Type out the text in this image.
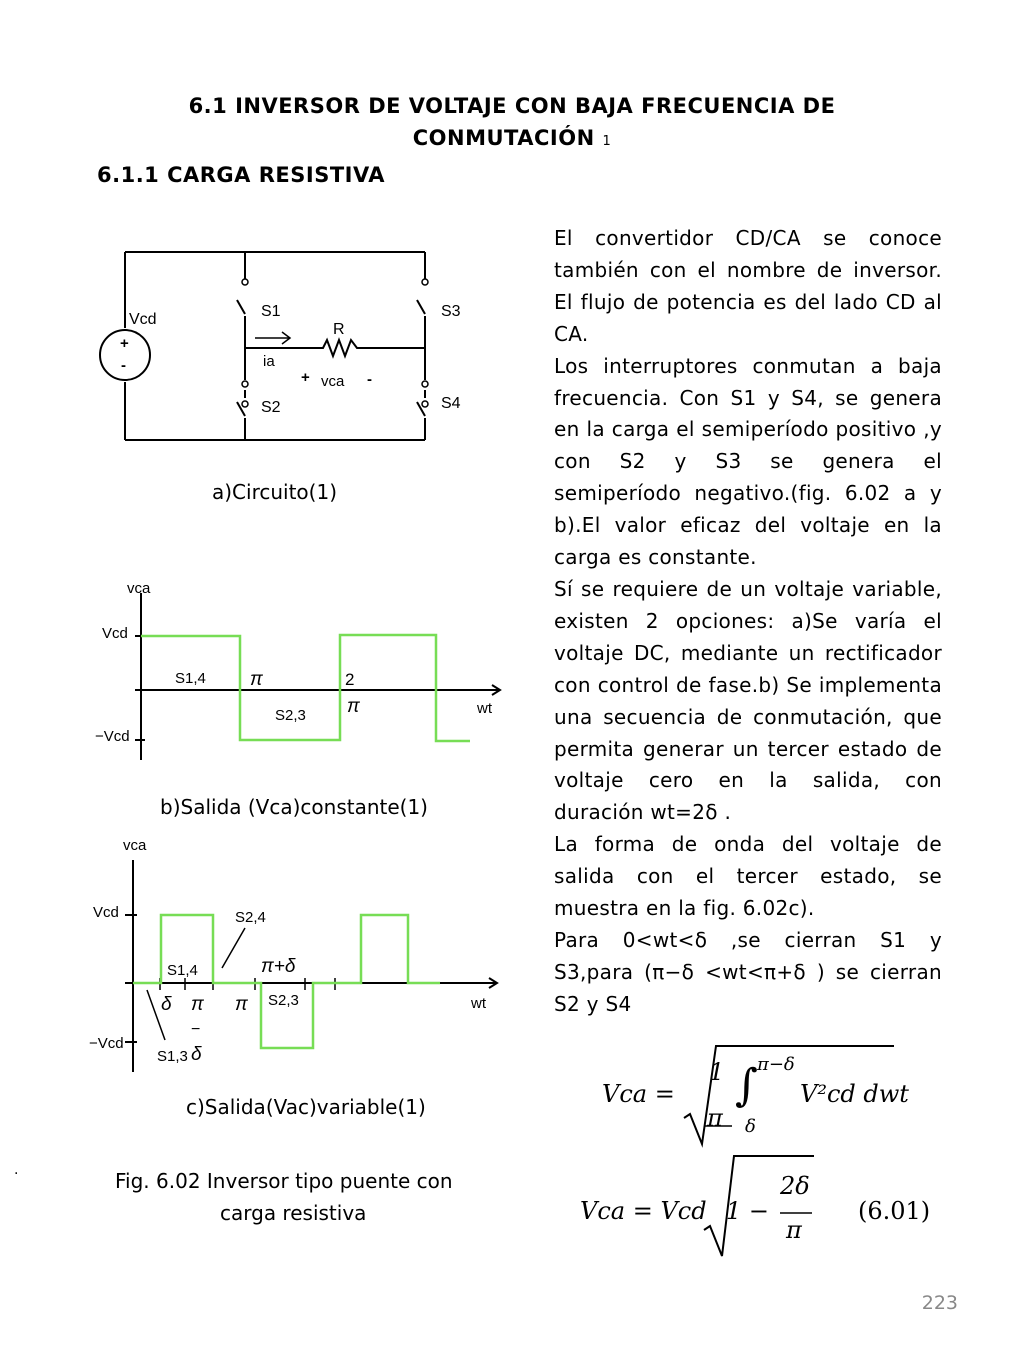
6.1 INVERSOR DE VOLTAJE CON BAJA FRECUENCIA DE
CONMUTACIÓN 1
6.1.1 CARGA RESISTIVA

El convertidor CD/CA se conoce también con el nombre de inversor. El flujo de potencia es del lado CD al CA.

Los interruptores conmutan a baja frecuencia. Con S1 y S4, se genera en la carga el semiperíodo positivo ,y con S2 y S3 se genera el semiperíodo negativo.(fig. 6.02 a y b).El valor eficaz del voltaje en la carga es constante.

Sí se requiere de un voltaje variable, existen 2 opciones: a)Se varía el voltaje DC, mediante un rectificador con control de fase.b) Se implementa una secuencia de conmutación, que permita generar un tercer estado de voltaje cero en la salida, con duración wt=2δ .

La forma de onda del voltaje de salida con el tercer estado, se muestra en la fig. 6.02c).

Para 0<wt<δ ,se cierran S1 y S3,para (π−δ <wt<π+δ ) se cierran S2 y S4

Vcd
+
-
S1
S2
S3
S4
R
ia
+ vca -
a)Circuito(1)
vca
Vcd
−Vcd
S1,4
S2,3
π	2
π	wt
b)Salida (Vca)constante(1)
vca
Vcd
−Vcd
S2,4
S1,4
S2,3
S1,3
π+δ
δ π
−
δ
π	wt
c)Salida(Vac)variable(1)
Fig. 6.02 Inversor tipo puente con
carga resistiva
Vca =
1
π
∫ π−δ
δ
V²cd dwt
Vca = Vcd 1 −
2δ
π
(6.01)
223
.
